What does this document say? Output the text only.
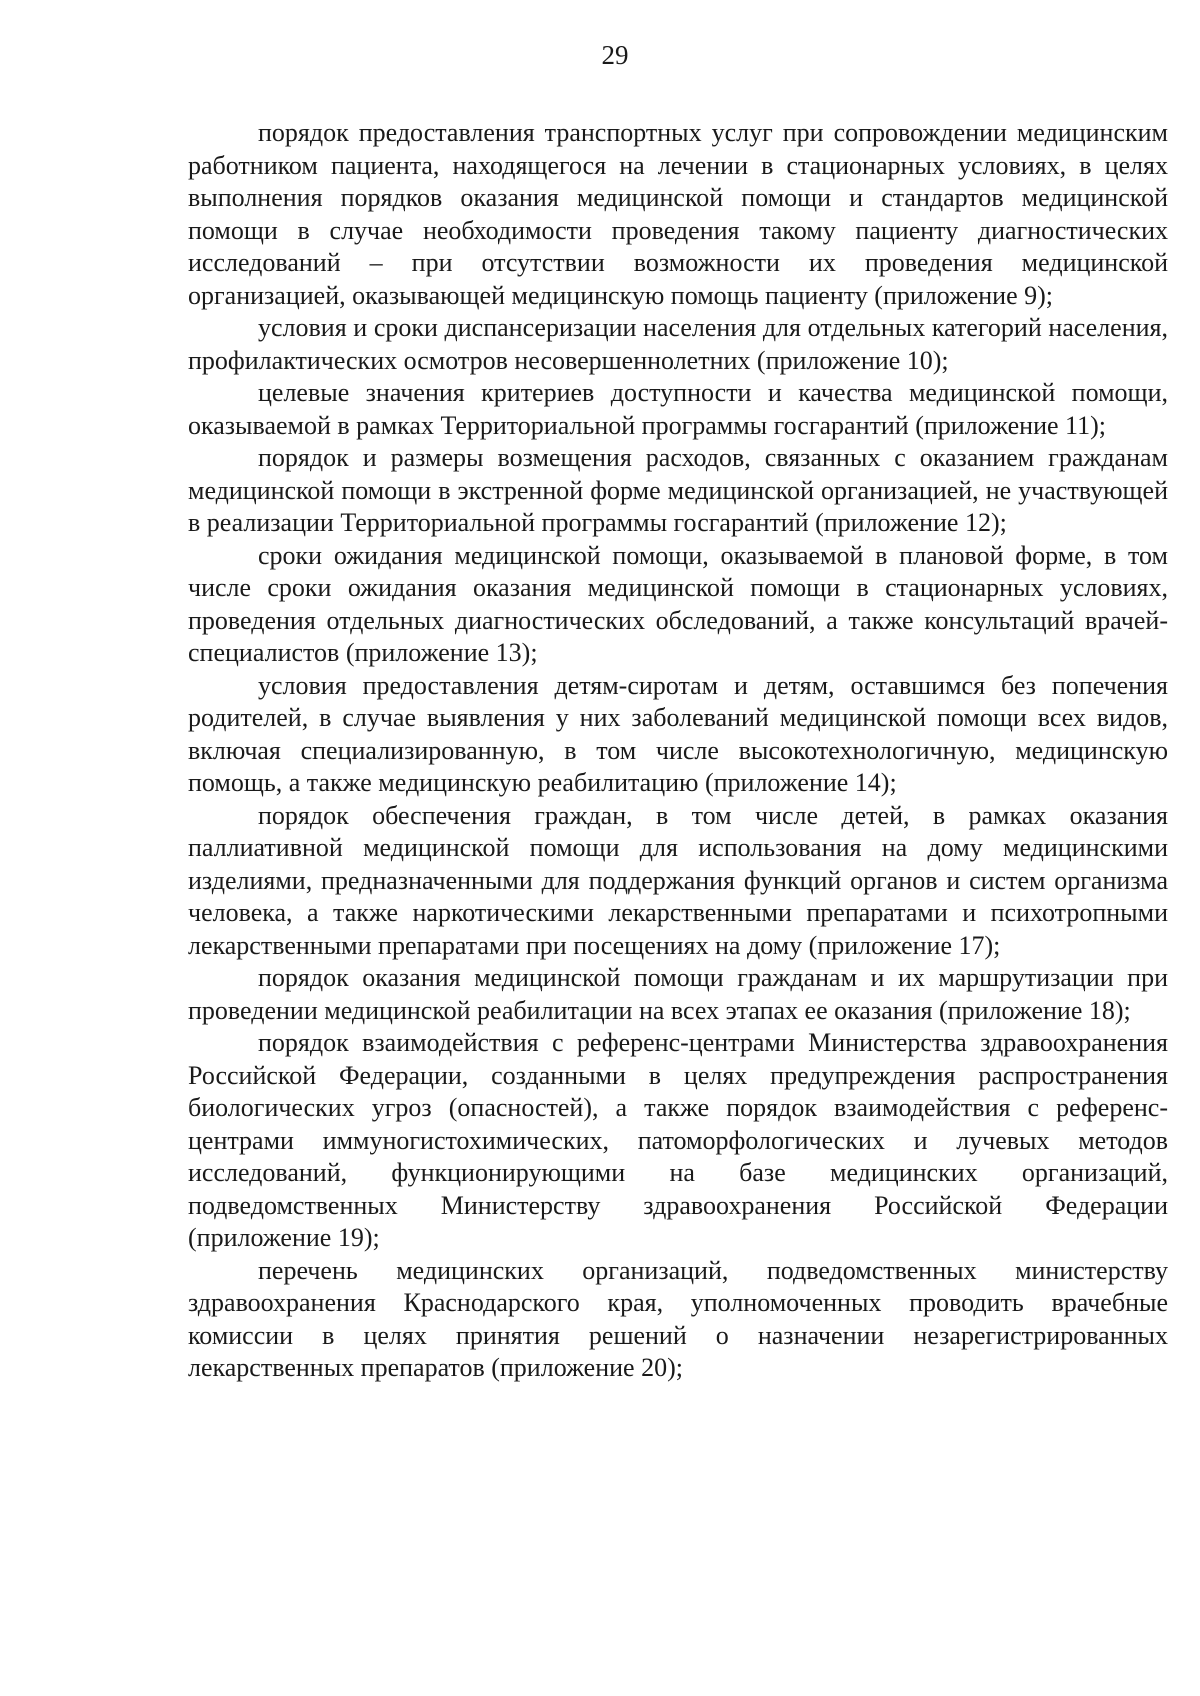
29

порядок предоставления транспортных услуг при сопровождении медицинским работником пациента, находящегося на лечении в стационарных условиях, в целях выполнения порядков оказания медицинской помощи и стандартов медицинской помощи в случае необходимости проведения такому пациенту диагностических исследований – при отсутствии возможности их проведения медицинской организацией, оказывающей медицинскую помощь пациенту (приложение 9);

условия и сроки диспансеризации населения для отдельных категорий населения, профилактических осмотров несовершеннолетних (приложение 10);

целевые значения критериев доступности и качества медицинской помощи, оказываемой в рамках Территориальной программы госгарантий (приложение 11);

порядок и размеры возмещения расходов, связанных с оказанием гражданам медицинской помощи в экстренной форме медицинской организацией, не участвующей в реализации Территориальной программы госгарантий (приложение 12);

сроки ожидания медицинской помощи, оказываемой в плановой форме, в том числе сроки ожидания оказания медицинской помощи в стационарных условиях, проведения отдельных диагностических обследований, а также консультаций врачей-специалистов (приложение 13);

условия предоставления детям-сиротам и детям, оставшимся без попечения родителей, в случае выявления у них заболеваний медицинской помощи всех видов, включая специализированную, в том числе высокотехнологичную, медицинскую помощь, а также медицинскую реабилитацию (приложение 14);

порядок обеспечения граждан, в том числе детей, в рамках оказания паллиативной медицинской помощи для использования на дому медицинскими изделиями, предназначенными для поддержания функций органов и систем организма человека, а также наркотическими лекарственными препаратами и психотропными лекарственными препаратами при посещениях на дому (приложение 17);

порядок оказания медицинской помощи гражданам и их маршрутизации при проведении медицинской реабилитации на всех этапах ее оказания (приложение 18);

порядок взаимодействия с референс-центрами Министерства здравоохранения Российской Федерации, созданными в целях предупреждения распространения биологических угроз (опасностей), а также порядок взаимодействия с референс-центрами иммуногистохимических, патоморфологических и лучевых методов исследований, функционирующими на базе медицинских организаций, подведомственных Министерству здравоохранения Российской Федерации (приложение 19);

перечень медицинских организаций, подведомственных министерству здравоохранения Краснодарского края, уполномоченных проводить врачебные комиссии в целях принятия решений о назначении незарегистрированных лекарственных препаратов (приложение 20);
